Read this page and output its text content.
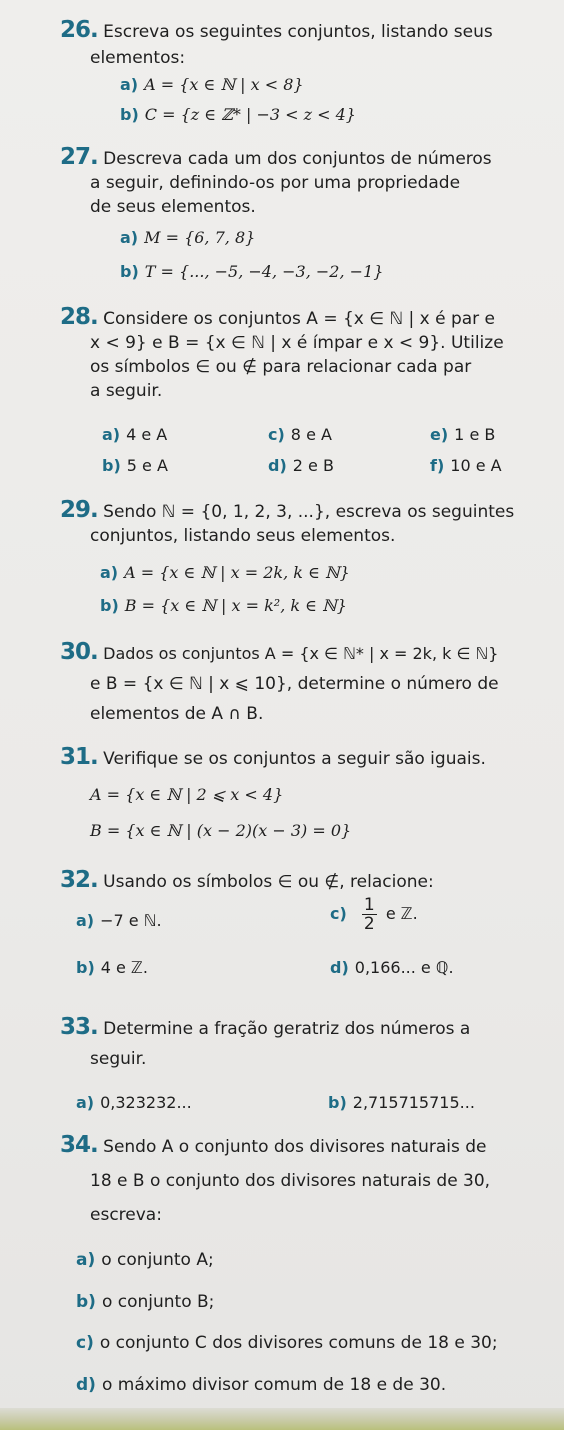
26. Escreva os seguintes conjuntos, listando seus
elementos:
a) A = {x ∈ ℕ | x < 8}
b) C = {z ∈ ℤ* | −3 < z < 4}
27. Descreva cada um dos conjuntos de números
a seguir, definindo-os por uma propriedade
de seus elementos.
a) M = {6, 7, 8}
b) T = {..., −5, −4, −3, −2, −1}
28. Considere os conjuntos A = {x ∈ ℕ | x é par e
x < 9} e B = {x ∈ ℕ | x é ímpar e x < 9}. Utilize
os símbolos ∈ ou ∉ para relacionar cada par
a seguir.
a) 4 e A	c) 8 e A	e) 1 e B
b) 5 e A	d) 2 e B	f) 10 e A
29. Sendo ℕ = {0, 1, 2, 3, ...}, escreva os seguintes
conjuntos, listando seus elementos.
a) A = {x ∈ ℕ | x = 2k, k ∈ ℕ}
b) B = {x ∈ ℕ | x = k², k ∈ ℕ}
30. Dados os conjuntos A = {x ∈ ℕ* | x = 2k, k ∈ ℕ}
e B = {x ∈ ℕ | x ⩽ 10}, determine o número de
elementos de A ∩ B.
31. Verifique se os conjuntos a seguir são iguais.
A = {x ∈ ℕ | 2 ⩽ x < 4}
B = {x ∈ ℕ | (x − 2)(x − 3) = 0}
32. Usando os símbolos ∈ ou ∉, relacione:
a) −7 e ℕ.	$c) \frac{1}{2}$ e ℤ.
b) 4 e ℤ.	d) 0,166... e ℚ.
33. Determine a fração geratriz dos números a
seguir.
a) 0,323232...	b) 2,715715715...
34. Sendo A o conjunto dos divisores naturais de
18 e B o conjunto dos divisores naturais de 30,
escreva:
a) o conjunto A;
b) o conjunto B;
c) o conjunto C dos divisores comuns de 18 e 30;
d) o máximo divisor comum de 18 e de 30.
